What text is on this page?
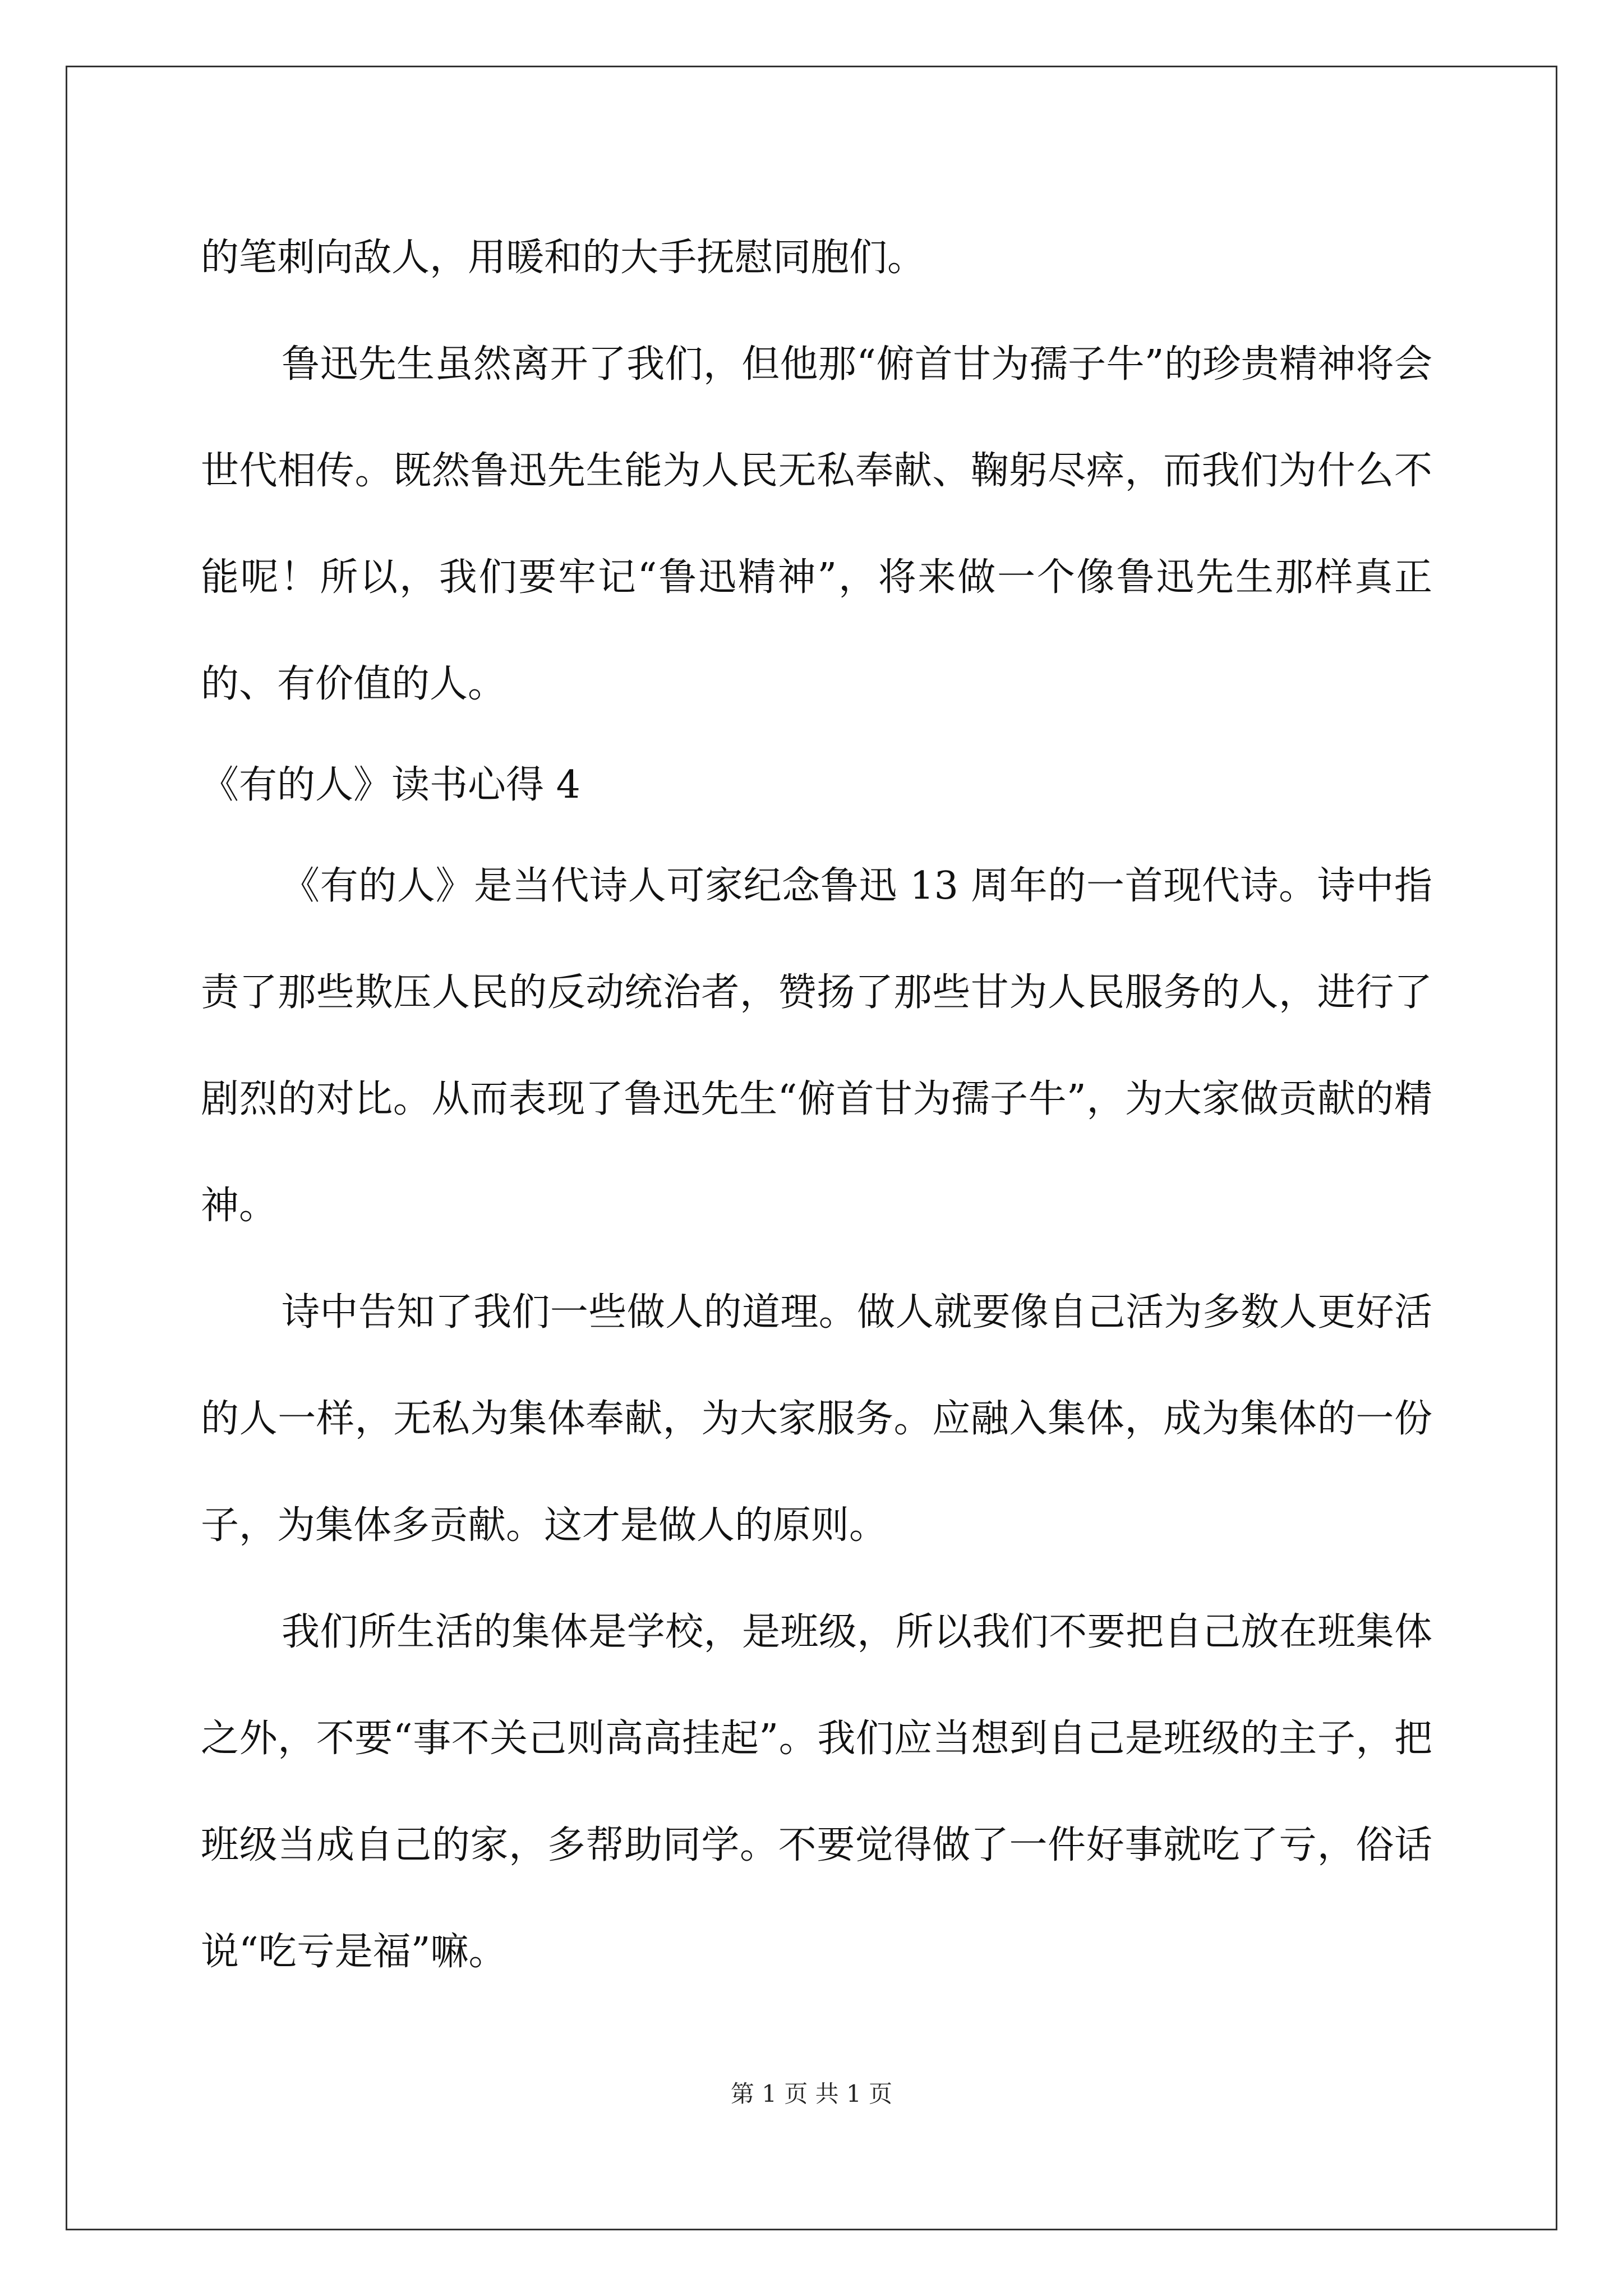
的笔刺向敌人，用暖和的大手抚慰同胞们。

鲁迅先生虽然离开了我们，但他那“俯首甘为孺子牛”的珍贵精神将会世代相传。既然鲁迅先生能为人民无私奉献、鞠躬尽瘁，而我们为什么不能呢！所以，我们要牢记“鲁迅精神”，将来做一个像鲁迅先生那样真正的、有价值的人。

《有的人》读书心得 4

《有的人》是当代诗人可家纪念鲁迅 13 周年的一首现代诗。诗中指责了那些欺压人民的反动统治者，赞扬了那些甘为人民服务的人，进行了剧烈的对比。从而表现了鲁迅先生“俯首甘为孺子牛”，为大家做贡献的精神。

诗中告知了我们一些做人的道理。做人就要像自己活为多数人更好活的人一样，无私为集体奉献，为大家服务。应融入集体，成为集体的一份子，为集体多贡献。这才是做人的原则。

我们所生活的集体是学校，是班级，所以我们不要把自己放在班集体之外，不要“事不关己则高高挂起”。我们应当想到自己是班级的主子，把班级当成自己的家，多帮助同学。不要觉得做了一件好事就吃了亏，俗话说“吃亏是福”嘛。

第 1 页 共 1 页
